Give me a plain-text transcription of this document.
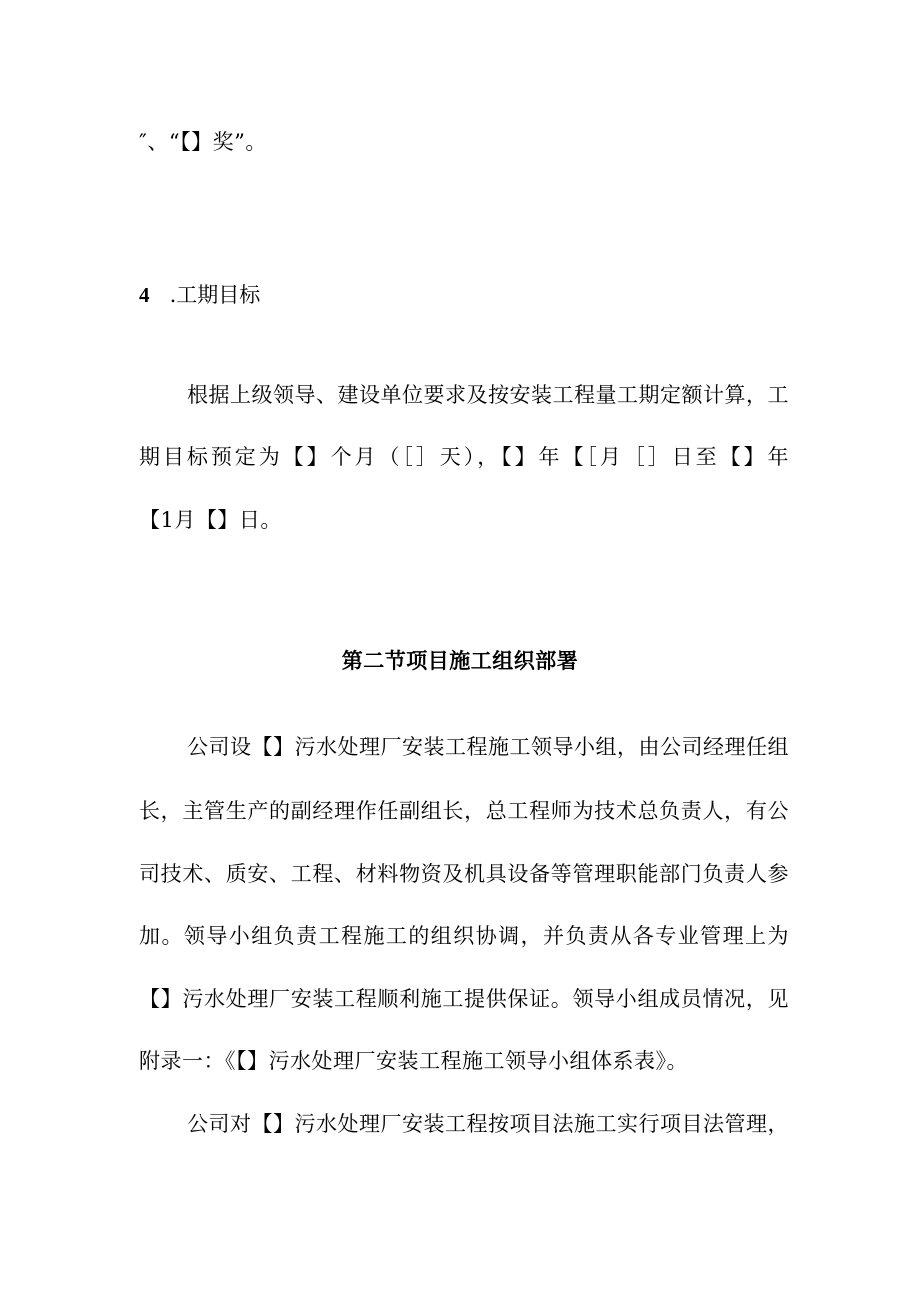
″、“【】奖”。
4 .工期目标
根据上级领导、建设单位要求及按安装工程量工期定额计算，工
期目标预定为【】个月（［］天），【】年【［月［］日至【】年
【1月【】日。
第二节项目施工组织部署
公司设【】污水处理厂安装工程施工领导小组，由公司经理任组
长，主管生产的副经理作任副组长，总工程师为技术总负责人，有公
司技术、质安、工程、材料物资及机具设备等管理职能部门负责人参
加。领导小组负责工程施工的组织协调，并负责从各专业管理上为
【】污水处理厂安装工程顺利施工提供保证。领导小组成员情况，见
附录一：《【】污水处理厂安装工程施工领导小组体系表》。
公司对【】污水处理厂安装工程按项目法施工实行项目法管理，
